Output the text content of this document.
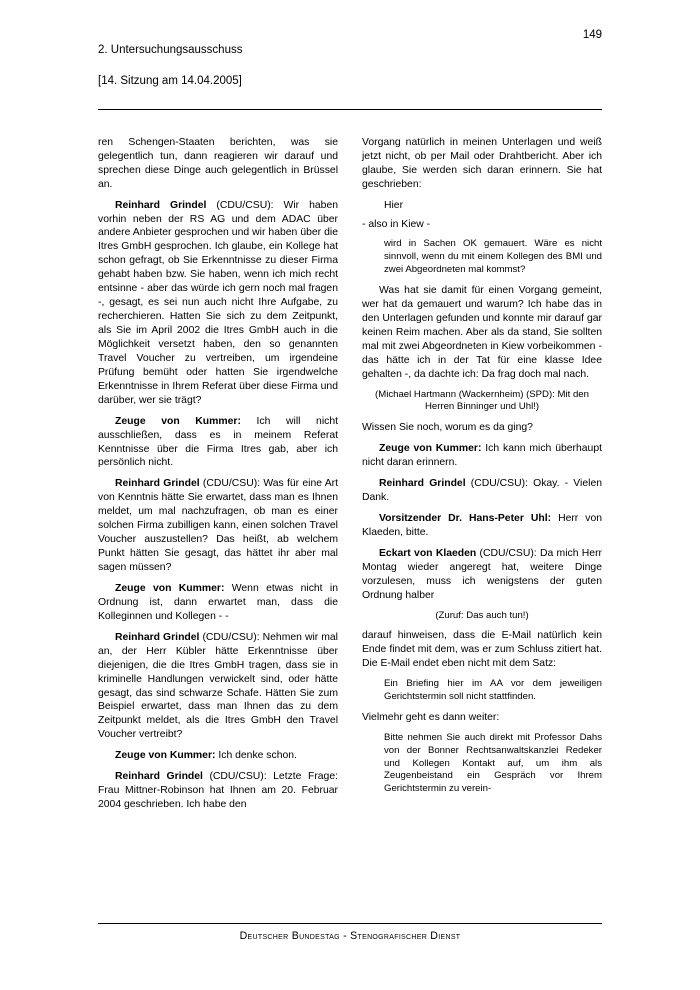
2. Untersuchungsausschuss

[14. Sitzung am 14.04.2005]

149

ren Schengen-Staaten berichten, was sie gelegentlich tun, dann reagieren wir darauf und sprechen diese Dinge auch gelegentlich in Brüssel an.

Reinhard Grindel (CDU/CSU): Wir haben vorhin neben der RS AG und dem ADAC über andere Anbieter gesprochen und wir haben über die Itres GmbH gesprochen. Ich glaube, ein Kollege hat schon gefragt, ob Sie Erkenntnisse zu dieser Firma gehabt haben bzw. Sie haben, wenn ich mich recht entsinne - aber das würde ich gern noch mal fragen -, gesagt, es sei nun auch nicht Ihre Aufgabe, zu recherchieren. Hatten Sie sich zu dem Zeitpunkt, als Sie im April 2002 die Itres GmbH auch in die Möglichkeit versetzt haben, den so genannten Travel Voucher zu vertreiben, um irgendeine Prüfung bemüht oder hatten Sie irgendwelche Erkenntnisse in Ihrem Referat über diese Firma und darüber, wer sie trägt?

Zeuge von Kummer: Ich will nicht ausschließen, dass es in meinem Referat Kenntnisse über die Firma Itres gab, aber ich persönlich nicht.

Reinhard Grindel (CDU/CSU): Was für eine Art von Kenntnis hätte Sie erwartet, dass man es Ihnen meldet, um mal nachzufragen, ob man es einer solchen Firma zubilligen kann, einen solchen Travel Voucher auszustellen? Das heißt, ab welchem Punkt hätten Sie gesagt, das hättet ihr aber mal sagen müssen?

Zeuge von Kummer: Wenn etwas nicht in Ordnung ist, dann erwartet man, dass die Kolleginnen und Kollegen - -

Reinhard Grindel (CDU/CSU): Nehmen wir mal an, der Herr Kübler hätte Erkenntnisse über diejenigen, die die Itres GmbH tragen, dass sie in kriminelle Handlungen verwickelt sind, oder hätte gesagt, das sind schwarze Schafe. Hätten Sie zum Beispiel erwartet, dass man Ihnen das zu dem Zeitpunkt meldet, als die Itres GmbH den Travel Voucher vertreibt?

Zeuge von Kummer: Ich denke schon.

Reinhard Grindel (CDU/CSU): Letzte Frage: Frau Mittner-Robinson hat Ihnen am 20. Februar 2004 geschrieben. Ich habe den

Vorgang natürlich in meinen Unterlagen und weiß jetzt nicht, ob per Mail oder Drahtbericht. Aber ich glaube, Sie werden sich daran erinnern. Sie hat geschrieben:

Hier

- also in Kiew -

wird in Sachen OK gemauert. Wäre es nicht sinnvoll, wenn du mit einem Kollegen des BMI und zwei Abgeordneten mal kommst?

Was hat sie damit für einen Vorgang gemeint, wer hat da gemauert und warum? Ich habe das in den Unterlagen gefunden und konnte mir darauf gar keinen Reim machen. Aber als da stand, Sie sollten mal mit zwei Abgeordneten in Kiew vorbeikommen - das hätte ich in der Tat für eine klasse Idee gehalten -, da dachte ich: Da frag doch mal nach.

(Michael Hartmann (Wackernheim) (SPD): Mit den Herren Binninger und Uhl!)

Wissen Sie noch, worum es da ging?

Zeuge von Kummer: Ich kann mich überhaupt nicht daran erinnern.

Reinhard Grindel (CDU/CSU): Okay. - Vielen Dank.

Vorsitzender Dr. Hans-Peter Uhl: Herr von Klaeden, bitte.

Eckart von Klaeden (CDU/CSU): Da mich Herr Montag wieder angeregt hat, weitere Dinge vorzulesen, muss ich wenigstens der guten Ordnung halber

(Zuruf: Das auch tun!)

darauf hinweisen, dass die E-Mail natürlich kein Ende findet mit dem, was er zum Schluss zitiert hat. Die E-Mail endet eben nicht mit dem Satz:

Ein Briefing hier im AA vor dem jeweiligen Gerichtstermin soll nicht stattfinden.

Vielmehr geht es dann weiter:

Bitte nehmen Sie auch direkt mit Professor Dahs von der Bonner Rechtsanwaltskanzlei Redeker und Kollegen Kontakt auf, um ihm als Zeugenbeistand ein Gespräch vor Ihrem Gerichtstermin zu verein-

Deutscher Bundestag - Stenografischer Dienst
